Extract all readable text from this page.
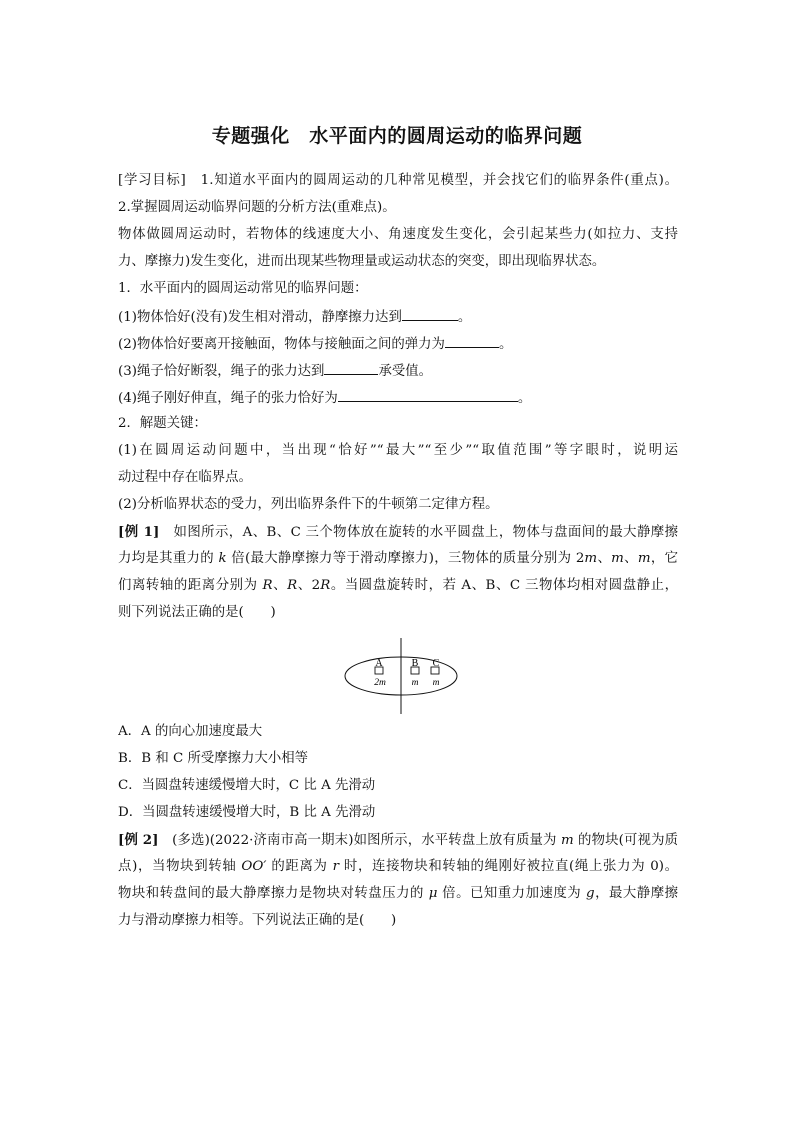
专题强化　水平面内的圆周运动的临界问题
[学习目标]　1.知道水平面内的圆周运动的几种常见模型，并会找它们的临界条件(重点)。
2.掌握圆周运动临界问题的分析方法(重难点)。
物体做圆周运动时，若物体的线速度大小、角速度发生变化，会引起某些力(如拉力、支持
力、摩擦力)发生变化，进而出现某些物理量或运动状态的突变，即出现临界状态。
1．水平面内的圆周运动常见的临界问题：
(1)物体恰好(没有)发生相对滑动，静摩擦力达到	。
(2)物体恰好要离开接触面，物体与接触面之间的弹力为	。
(3)绳子恰好断裂，绳子的张力达到	承受值。
(4)绳子刚好伸直，绳子的张力恰好为	。
2．解题关键：
(1)在圆周运动问题中，当出现“恰好”“最大”“至少”“取值范围”等字眼时，说明运
动过程中存在临界点。
(2)分析临界状态的受力，列出临界条件下的牛顿第二定律方程。
[例 1]　如图所示，A、B、C 三个物体放在旋转的水平圆盘上，物体与盘面间的最大静摩擦
力均是其重力的 k 倍(最大静摩擦力等于滑动摩擦力)，三物体的质量分别为 2m、m、m，它
们离转轴的距离分别为 R、R、2R。当圆盘旋转时，若 A、B、C 三物体均相对圆盘静止，
则下列说法正确的是(　　)
A	B C
2m	m m
A．A 的向心加速度最大
B．B 和 C 所受摩擦力大小相等
C．当圆盘转速缓慢增大时，C 比 A 先滑动
D．当圆盘转速缓慢增大时，B 比 A 先滑动
[例 2]　(多选)(2022·济南市高一期末)如图所示，水平转盘上放有质量为 m 的物块(可视为质
点)，当物块到转轴 OO′ 的距离为 r 时，连接物块和转轴的绳刚好被拉直(绳上张力为 0)。
物块和转盘间的最大静摩擦力是物块对转盘压力的 μ 倍。已知重力加速度为 g，最大静摩擦
力与滑动摩擦力相等。下列说法正确的是(　　)
